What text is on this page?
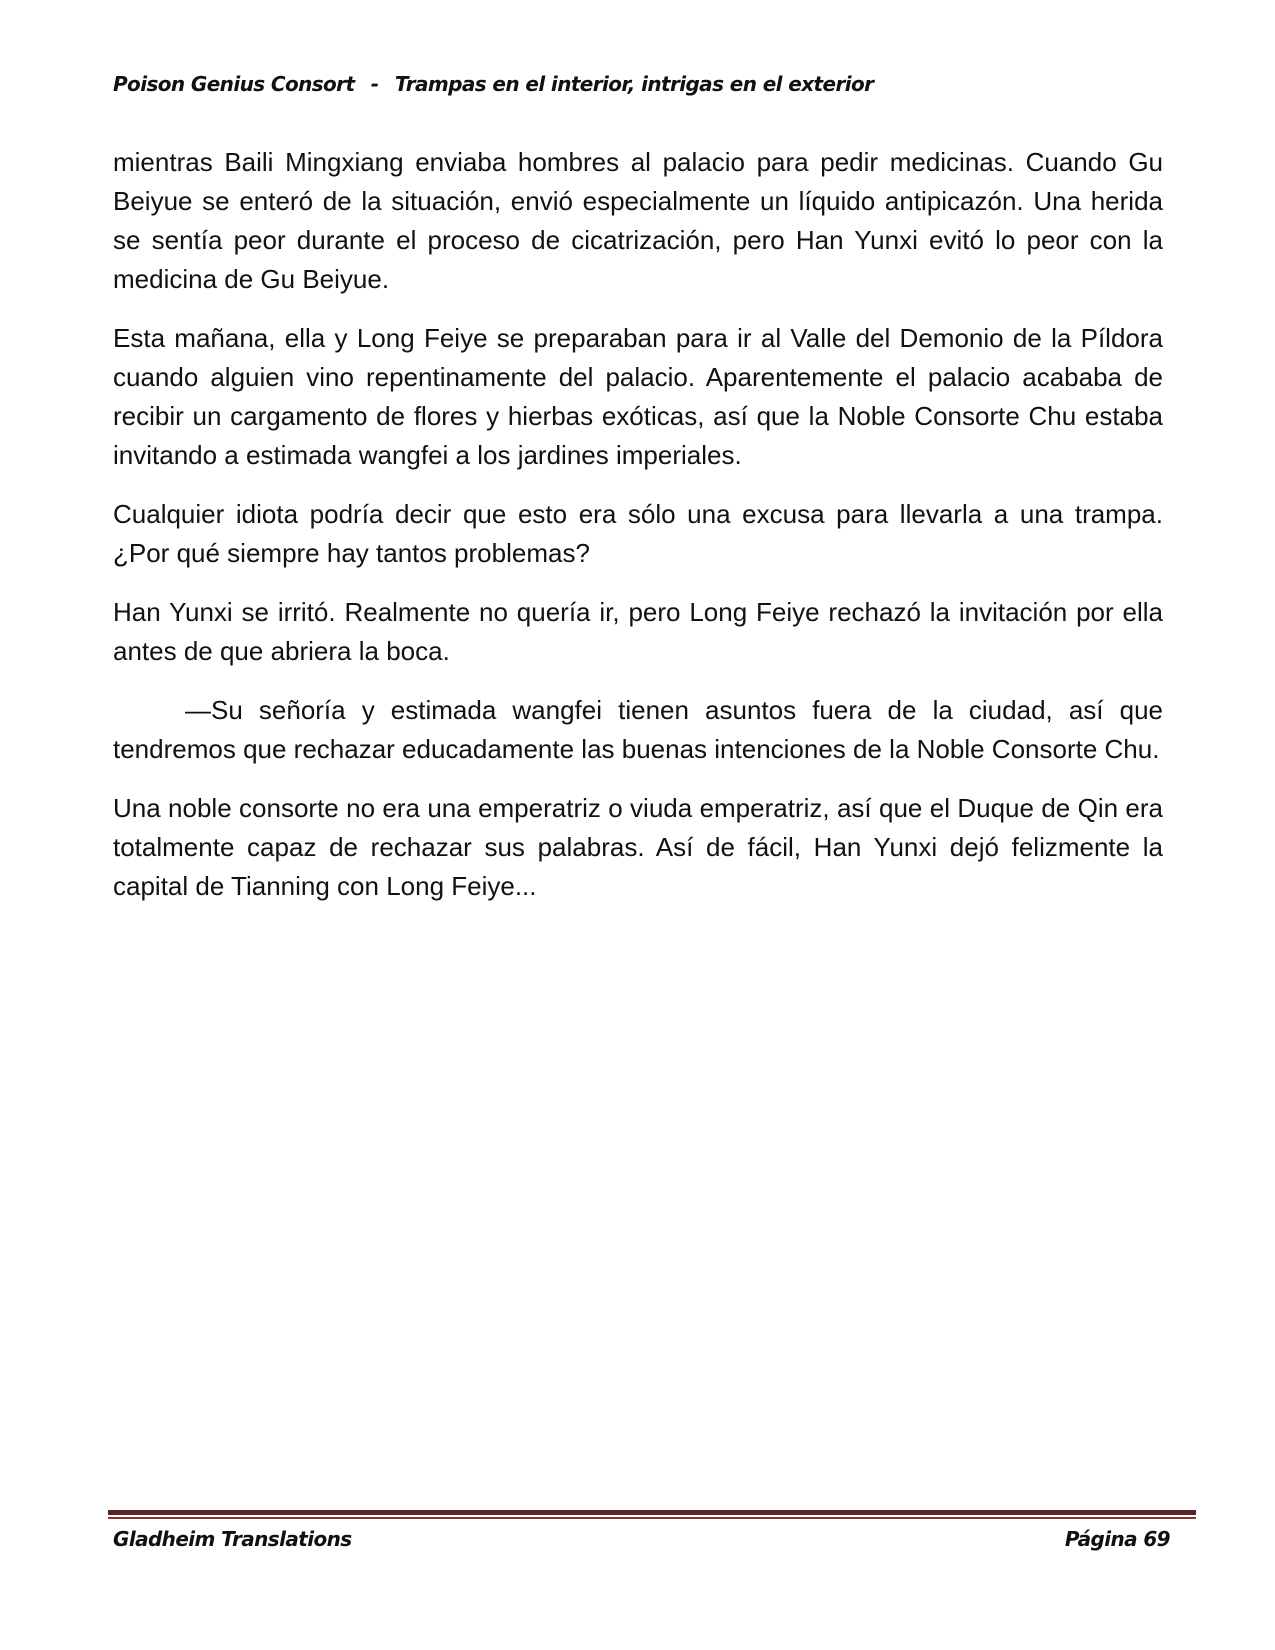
Poison Genius Consort - Trampas en el interior, intrigas en el exterior

mientras Baili Mingxiang enviaba hombres al palacio para pedir medicinas. Cuando Gu Beiyue se enteró de la situación, envió especialmente un líquido antipicazón. Una herida se sentía peor durante el proceso de cicatrización, pero Han Yunxi evitó lo peor con la medicina de Gu Beiyue.

Esta mañana, ella y Long Feiye se preparaban para ir al Valle del Demonio de la Píldora cuando alguien vino repentinamente del palacio. Aparentemente el palacio acababa de recibir un cargamento de flores y hierbas exóticas, así que la Noble Consorte Chu estaba invitando a estimada wangfei a los jardines imperiales.

Cualquier idiota podría decir que esto era sólo una excusa para llevarla a una trampa. ¿Por qué siempre hay tantos problemas?

Han Yunxi se irritó. Realmente no quería ir, pero Long Feiye rechazó la invitación por ella antes de que abriera la boca.

—Su señoría y estimada wangfei tienen asuntos fuera de la ciudad, así que tendremos que rechazar educadamente las buenas intenciones de la Noble Consorte Chu.

Una noble consorte no era una emperatriz o viuda emperatriz, así que el Duque de Qin era totalmente capaz de rechazar sus palabras. Así de fácil, Han Yunxi dejó felizmente la capital de Tianning con Long Feiye...

Gladheim Translations	Página 69
